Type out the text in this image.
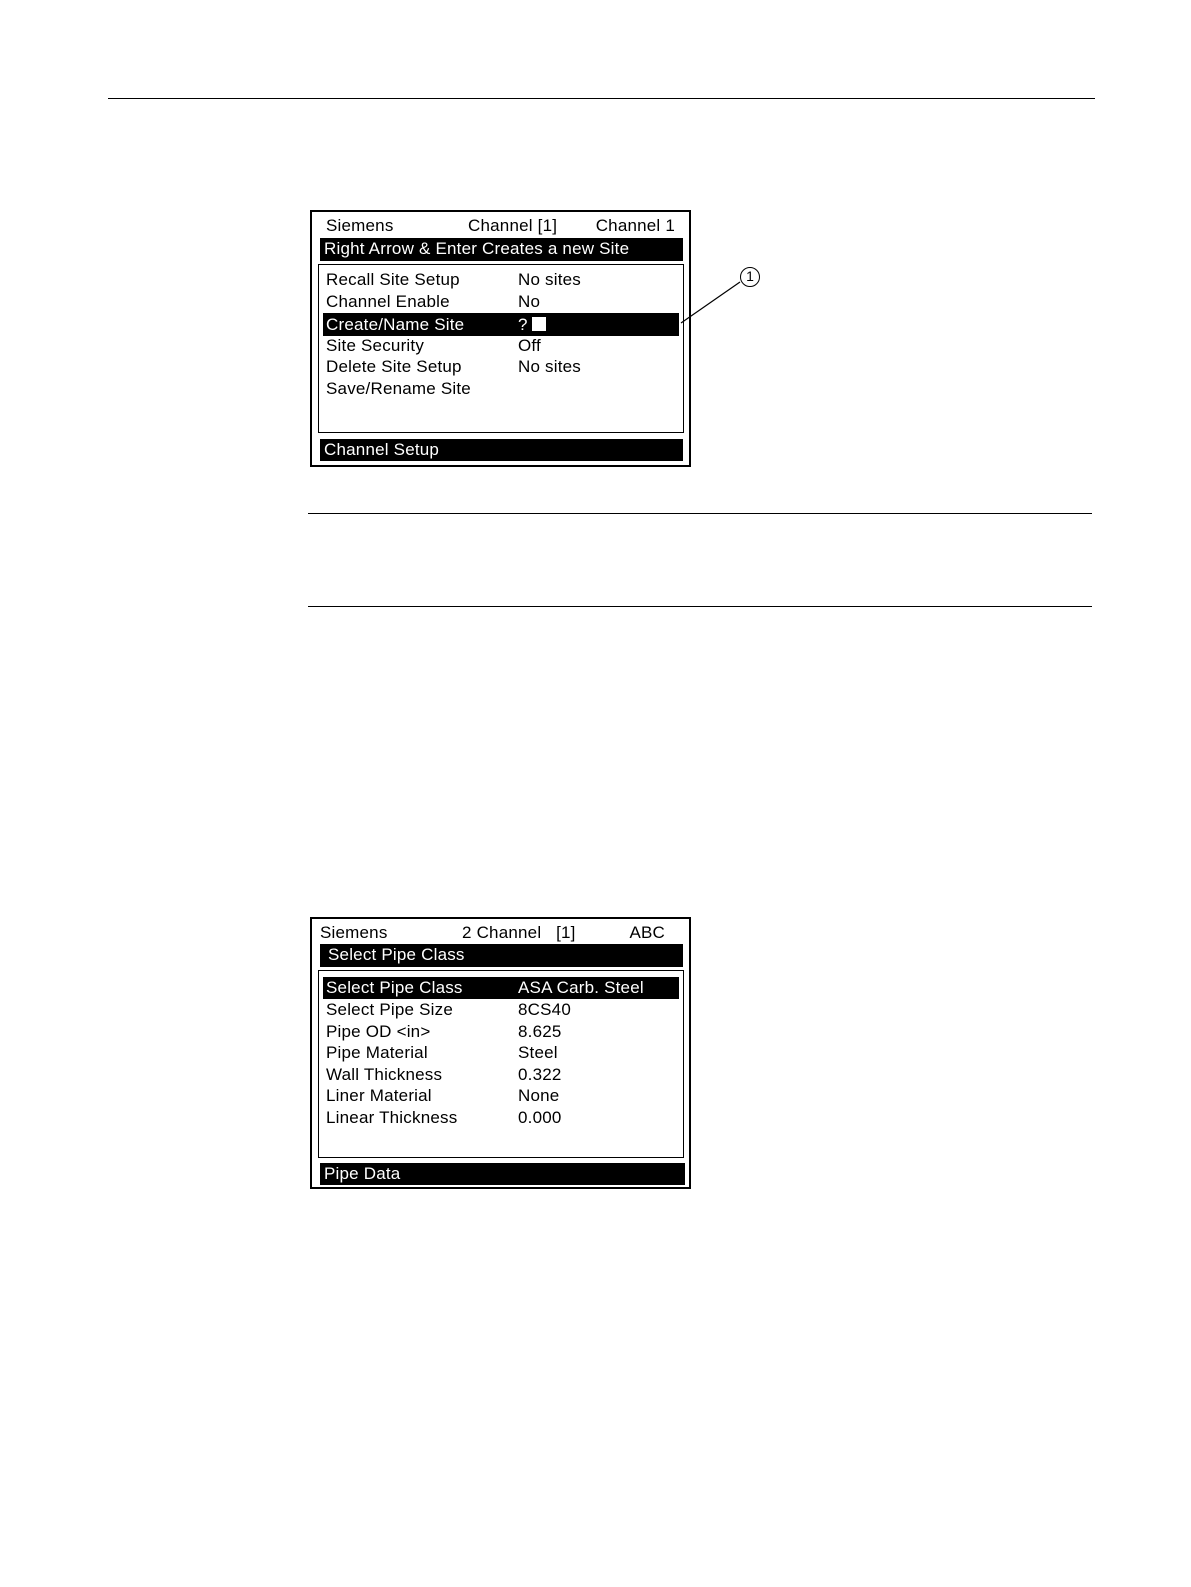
Siemens	Channel [1] Channel 1
Right Arrow & Enter Creates a new Site
Recall Site Setup	No sites
Channel Enable	No
Create/Name Site	?
Site Security	Off
Delete Site Setup	No sites
Save/Rename Site
Channel Setup
1
Siemens	2 Channel   [1]	ABC
Select Pipe Class
Select Pipe Class	ASA Carb. Steel
Select Pipe Size	8CS40
Pipe OD <in>	8.625
Pipe Material	Steel
Wall Thickness	0.322
Liner Material	None
Linear Thickness	0.000
Pipe Data
